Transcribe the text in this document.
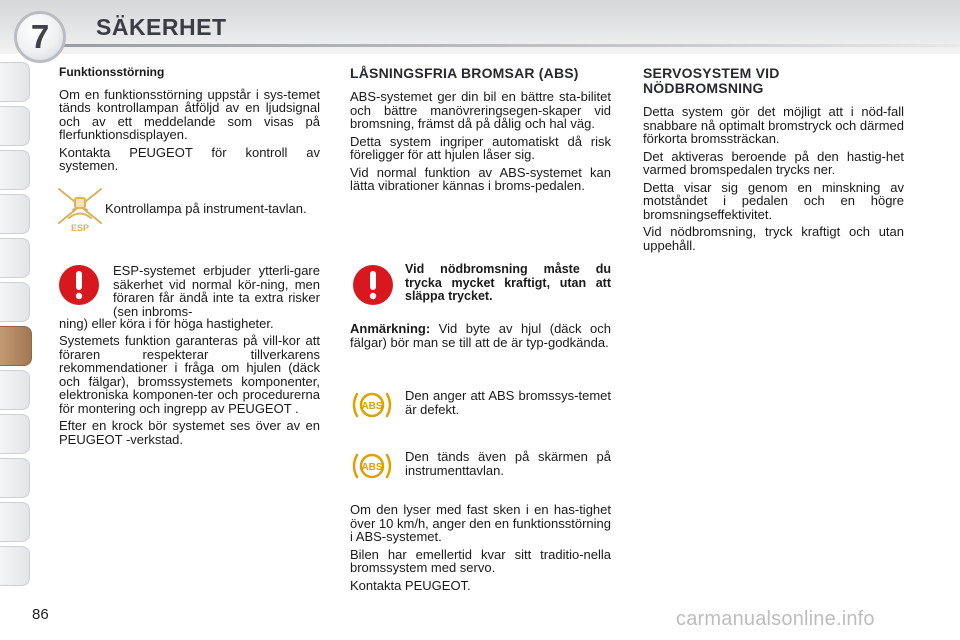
7	SÄKERHET
Funktionsstörning

Om en funktionsstörning uppstår i sys-temet tänds kontrollampan åtföljd av en ljudsignal och av ett meddelande som visas på flerfunktionsdisplayen.

Kontakta PEUGEOT för kontroll av systemen.

ESP
Kontrollampa på instrument-tavlan.
ESP-systemet erbjuder ytterli-gare säkerhet vid normal kör-ning, men föraren får ändå inte ta extra risker (sen inbroms-
ning) eller köra i för höga hastigheter.

Systemets funktion garanteras på vill-kor att föraren respekterar tillverkarens rekommendationer i fråga om hjulen (däck och fälgar), bromssystemets komponenter, elektroniska komponen-ter och procedurerna för montering och ingrepp av PEUGEOT .

Efter en krock bör systemet ses över av en PEUGEOT -verkstad.

LÅSNINGSFRIA BROMSAR (ABS)

ABS-systemet ger din bil en bättre sta-bilitet och bättre manövreringsegen-skaper vid bromsning, främst då på dålig och hal väg.

Detta system ingriper automatiskt då risk föreligger för att hjulen låser sig.

Vid normal funktion av ABS-systemet kan lätta vibrationer kännas i broms-pedalen.

Vid nödbromsning måste du trycka mycket kraftigt, utan att släppa trycket.
Anmärkning: Vid byte av hjul (däck och fälgar) bör man se till att de är typ-godkända.
ABS
Den anger att ABS bromssys-temet är defekt.
ABS
Den tänds även på skärmen på instrumenttavlan.

Om den lyser med fast sken i en has-tighet över 10 km/h, anger den en funktionsstörning i ABS-systemet.

Bilen har emellertid kvar sitt traditio-nella bromssystem med servo.

Kontakta PEUGEOT.

SERVOSYSTEM VID NÖDBROMSNING

Detta system gör det möjligt att i nöd-fall snabbare nå optimalt bromstryck och därmed förkorta bromssträckan.

Det aktiveras beroende på den hastig-het varmed bromspedalen trycks ner.

Detta visar sig genom en minskning av motståndet i pedalen och en högre bromsningseffektivitet.

Vid nödbromsning, tryck kraftigt och utan uppehåll.

86	carmanualsonline.info
